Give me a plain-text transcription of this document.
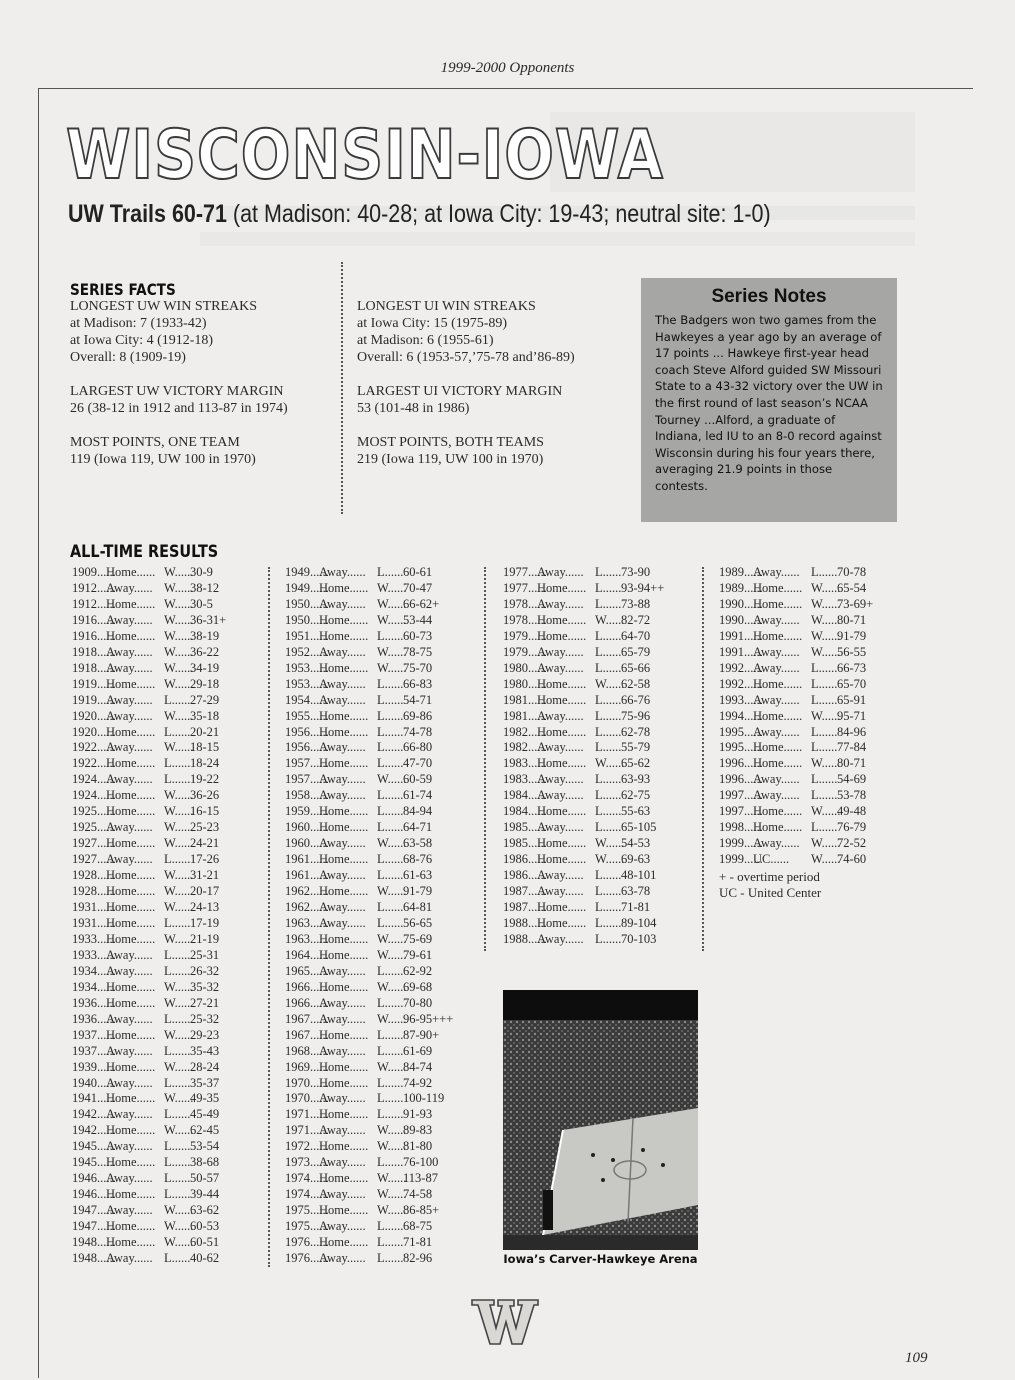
1999-2000 Opponents
WISCONSIN-IOWA
UW Trails 60-71 (at Madison: 40-28; at Iowa City: 19-43; neutral site: 1-0)
SERIES FACTS
LONGEST UW WIN STREAKS
at Madison: 7 (1933-42)
at Iowa City: 4 (1912-18)
Overall: 8 (1909-19)
LARGEST UW VICTORY MARGIN
26 (38-12 in 1912 and 113-87 in 1974)
MOST POINTS, ONE TEAM
119 (Iowa 119, UW 100 in 1970)
LONGEST UI WIN STREAKS
at Iowa City: 15 (1975-89)
at Madison: 6 (1955-61)
Overall: 6 (1953-57,’75-78 and’86-89)
LARGEST UI VICTORY MARGIN
53 (101-48 in 1986)
MOST POINTS, BOTH TEAMS
219 (Iowa 119, UW 100 in 1970)
Series Notes
The Badgers won two games from the Hawkeyes a year ago by an average of 17 points ... Hawkeye first-year head coach Steve Alford guided SW Missouri State to a 43-32 victory over the UW in the first round of last season’s NCAA Tourney ...Alford, a graduate of Indiana, led IU to an 8-0 record against Wisconsin during his four years there, averaging 21.9 points in those contests.
ALL-TIME RESULTS
1909......Home...... W......30-9
1912......Away...... W......38-12
1912......Home...... W......30-5
1916......Away...... W......36-31+
1916......Home...... W......38-19
1918......Away...... W......36-22
1918......Away...... W......34-19
1919......Home...... W......29-18
1919......Away...... L......27-29
1920......Away...... W......35-18
1920......Home...... L......20-21
1922......Away...... W......18-15
1922......Home...... L......18-24
1924......Away...... L......19-22
1924......Home...... W......36-26
1925......Home...... W......16-15
1925......Away...... W......25-23
1927......Home...... W......24-21
1927......Away...... L......17-26
1928......Home...... W......31-21
1928......Home...... W......20-17
1931......Home...... W......24-13
1931......Home...... L......17-19
1933......Home...... W......21-19
1933......Away...... L......25-31
1934......Away...... L......26-32
1934......Home...... W......35-32
1936......Home...... W......27-21
1936......Away...... L......25-32
1937......Home...... W......29-23
1937......Away...... L......35-43
1939......Home...... W......28-24
1940......Away...... L......35-37
1941......Home...... W......49-35
1942......Away...... L......45-49
1942......Home...... W......62-45
1945......Away...... L......53-54
1945......Home...... L......38-68
1946......Away...... L......50-57
1946......Home...... L......39-44
1947......Away...... W......63-62
1947......Home...... W......60-53
1948......Home...... W......60-51
1948......Away...... L......40-62
1949......Away...... L......60-61
1949......Home...... W......70-47
1950......Away...... W......66-62+
1950......Home...... W......53-44
1951......Home...... L......60-73
1952......Away...... W......78-75
1953......Home...... W......75-70
1953......Away...... L......66-83
1954......Away...... L......54-71
1955......Home...... L......69-86
1956......Home...... L......74-78
1956......Away...... L......66-80
1957......Home...... L......47-70
1957......Away...... W......60-59
1958......Away...... L......61-74
1959......Home...... L......84-94
1960......Home...... L......64-71
1960......Away...... W......63-58
1961......Home...... L......68-76
1961......Away...... L......61-63
1962......Home...... W......91-79
1962......Away...... L......64-81
1963......Away...... L......56-65
1963......Home...... W......75-69
1964......Home...... W......79-61
1965......Away...... L......62-92
1966......Home...... W......69-68
1966......Away...... L......70-80
1967......Away...... W......96-95+++
1967......Home...... L......87-90+
1968......Away...... L......61-69
1969......Home...... W......84-74
1970......Home...... L......74-92
1970......Away...... L......100-119
1971......Home...... L......91-93
1971......Away...... W......89-83
1972......Home...... W......81-80
1973......Away...... L......76-100
1974......Home...... W......113-87
1974......Away...... W......74-58
1975......Home...... W......86-85+
1975......Away...... L......68-75
1976......Home...... L......71-81
1976......Away...... L......82-96
1977......Away...... L......73-90
1977......Home...... L......93-94++
1978......Away...... L......73-88
1978......Home...... W......82-72
1979......Home...... L......64-70
1979......Away...... L......65-79
1980......Away...... L......65-66
1980......Home...... W......62-58
1981......Home...... L......66-76
1981......Away...... L......75-96
1982......Home...... L......62-78
1982......Away...... L......55-79
1983......Home...... W......65-62
1983......Away...... L......63-93
1984......Away...... L......62-75
1984......Home...... L......55-63
1985......Away...... L......65-105
1985......Home...... W......54-53
1986......Home...... W......69-63
1986......Away...... L......48-101
1987......Away...... L......63-78
1987......Home...... L......71-81
1988......Home...... L......89-104
1988......Away...... L......70-103
1989......Away...... L......70-78
1989......Home...... W......65-54
1990......Home...... W......73-69+
1990......Away...... W......80-71
1991......Home...... W......91-79
1991......Away...... W......56-55
1992......Away...... L......66-73
1992......Home...... L......65-70
1993......Away...... L......65-91
1994......Home...... W......95-71
1995......Away...... L......84-96
1995......Home...... L......77-84
1996......Home...... W......80-71
1996......Away...... L......54-69
1997......Away...... L......53-78
1997......Home...... W......49-48
1998......Home...... L......76-79
1999......Away...... W......72-52
1999......UC...... W......74-60
+ - overtime period
UC - United Center
Iowa’s Carver-Hawkeye Arena
109
